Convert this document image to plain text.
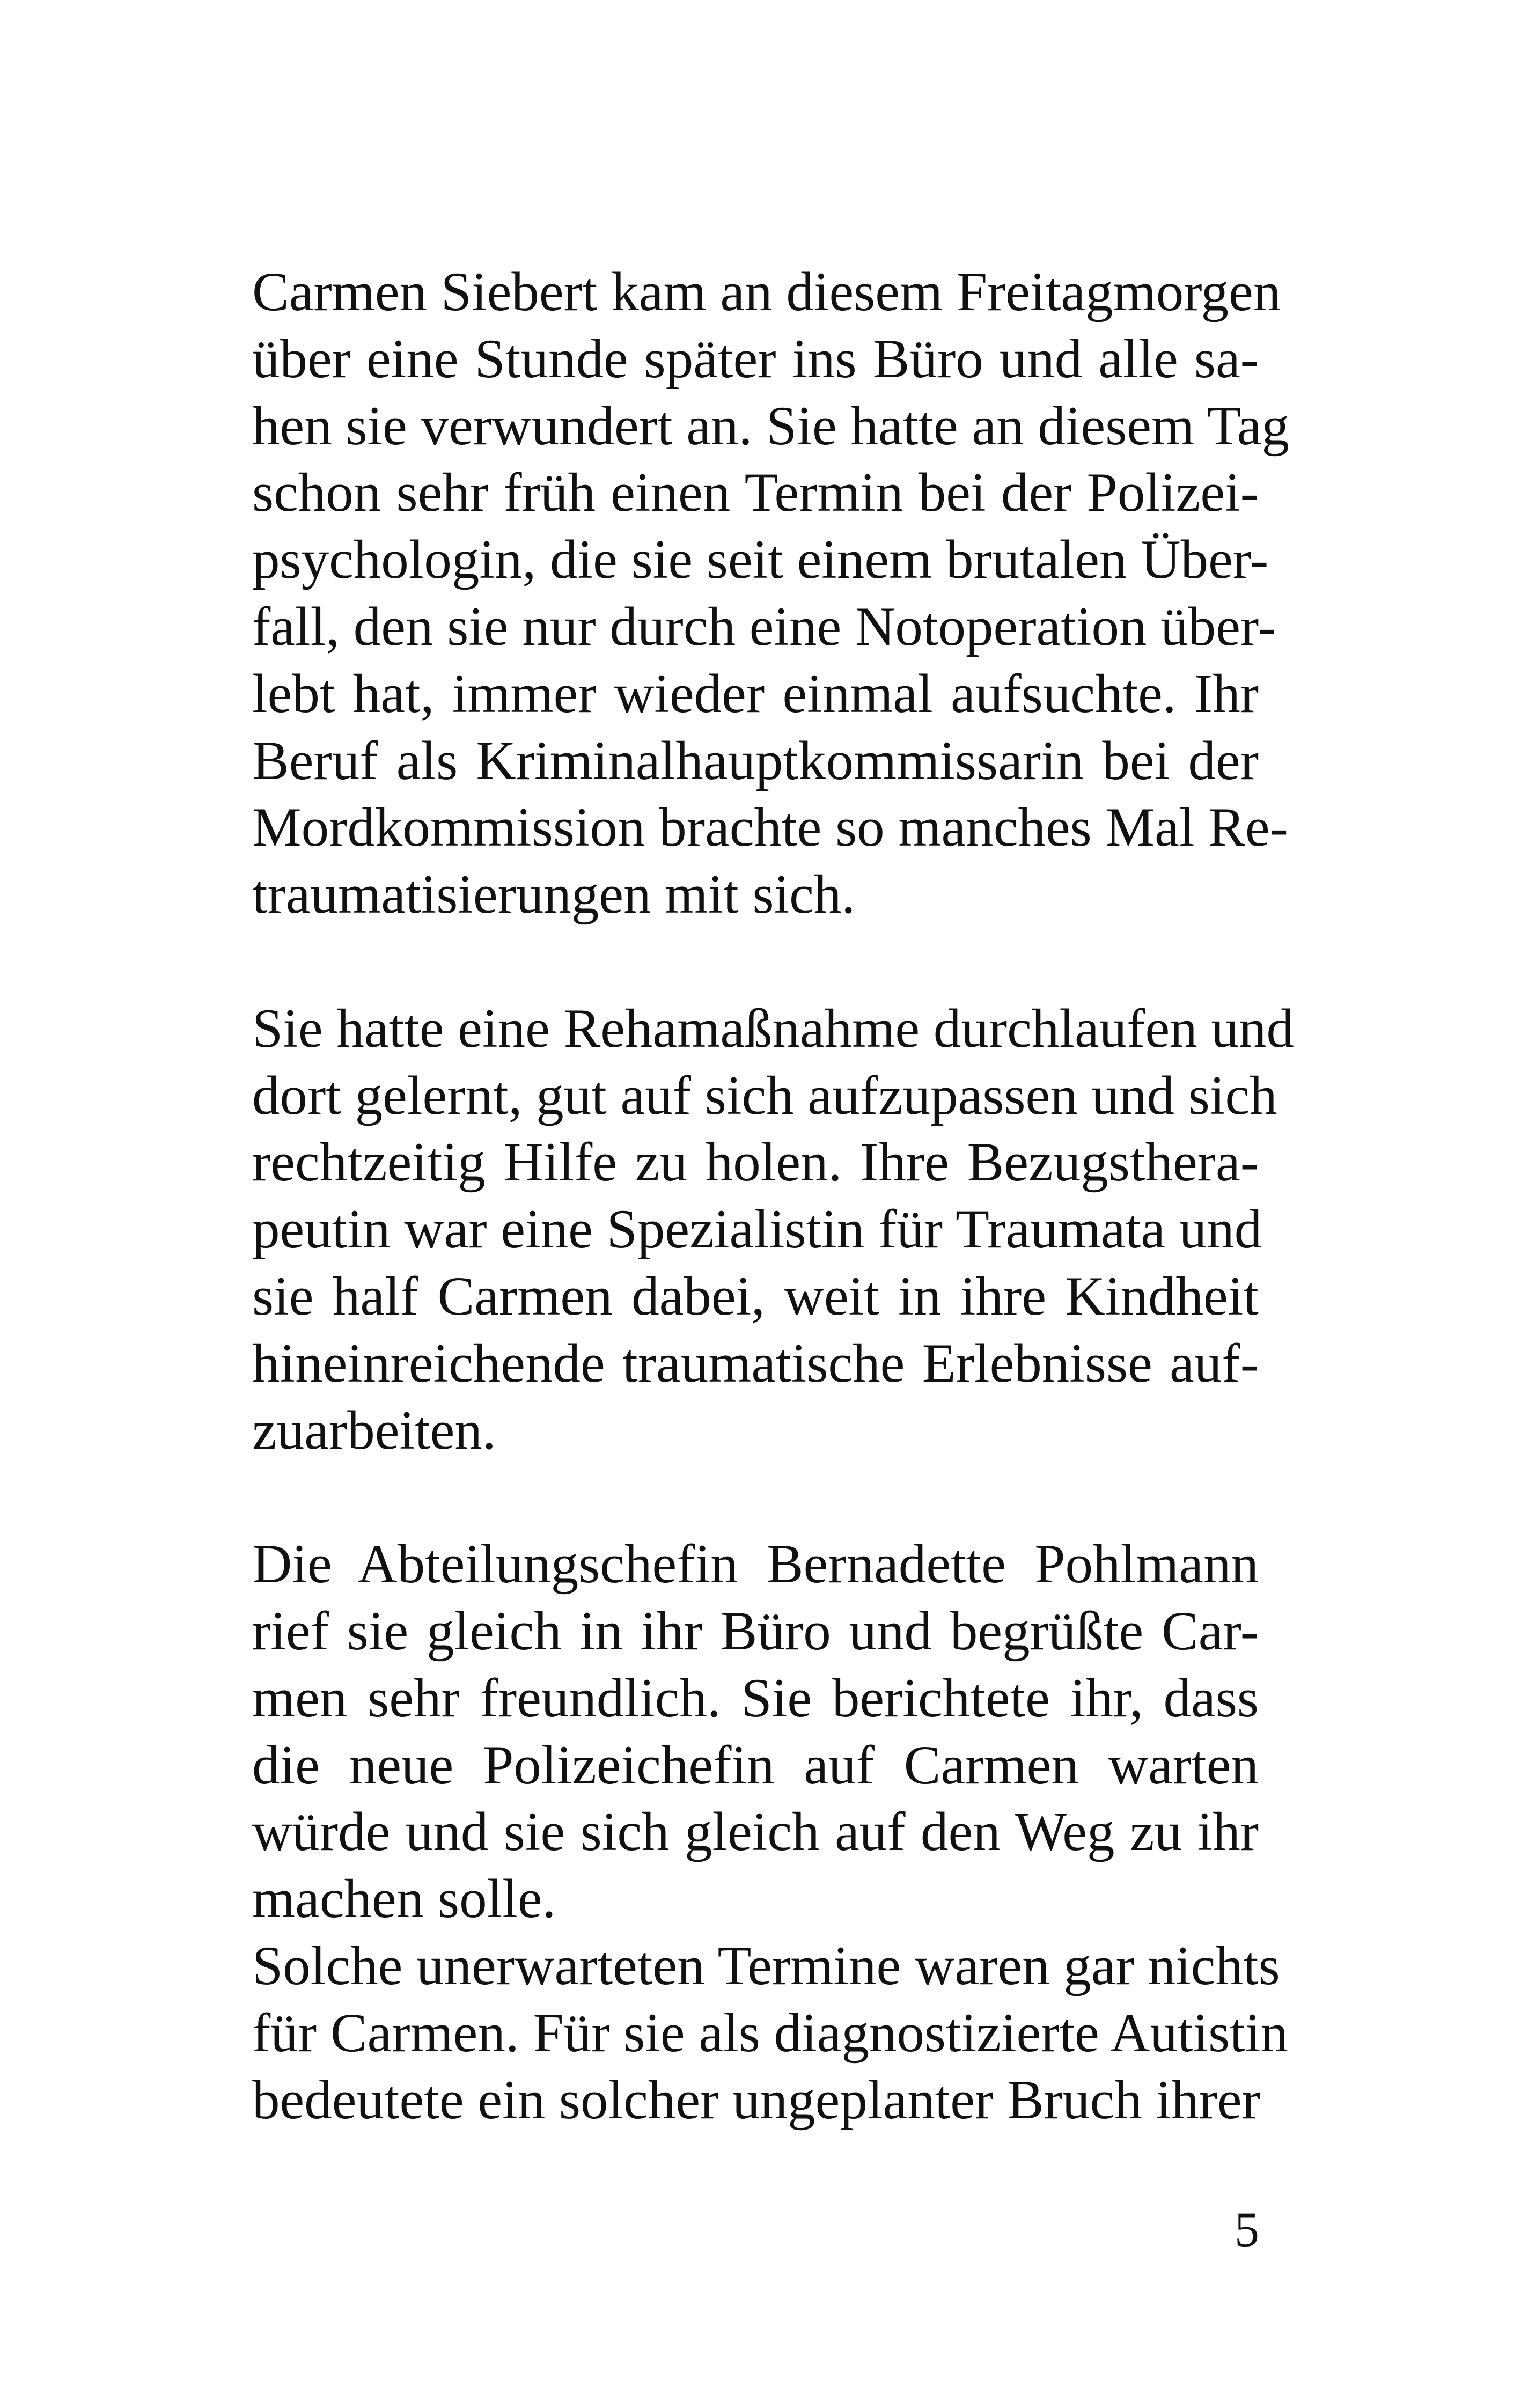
Carmen Siebert kam an diesem Freitagmorgen
über eine Stunde später ins Büro und alle sa-
hen sie verwundert an. Sie hatte an diesem Tag
schon sehr früh einen Termin bei der Polizei-
psychologin, die sie seit einem brutalen Über-
fall, den sie nur durch eine Notoperation über-
lebt hat, immer wieder einmal aufsuchte. Ihr
Beruf als Kriminalhauptkommissarin bei der
Mordkommission brachte so manches Mal Re-
traumatisierungen mit sich.
Sie hatte eine Rehamaßnahme durchlaufen und
dort gelernt, gut auf sich aufzupassen und sich
rechtzeitig Hilfe zu holen. Ihre Bezugsthera-
peutin war eine Spezialistin für Traumata und
sie half Carmen dabei, weit in ihre Kindheit
hineinreichende traumatische Erlebnisse auf-
zuarbeiten.
Die Abteilungschefin Bernadette Pohlmann
rief sie gleich in ihr Büro und begrüßte Car-
men sehr freundlich. Sie berichtete ihr, dass
die neue Polizeichefin auf Carmen warten
würde und sie sich gleich auf den Weg zu ihr
machen solle.
Solche unerwarteten Termine waren gar nichts
für Carmen. Für sie als diagnostizierte Autistin
bedeutete ein solcher ungeplanter Bruch ihrer
5
